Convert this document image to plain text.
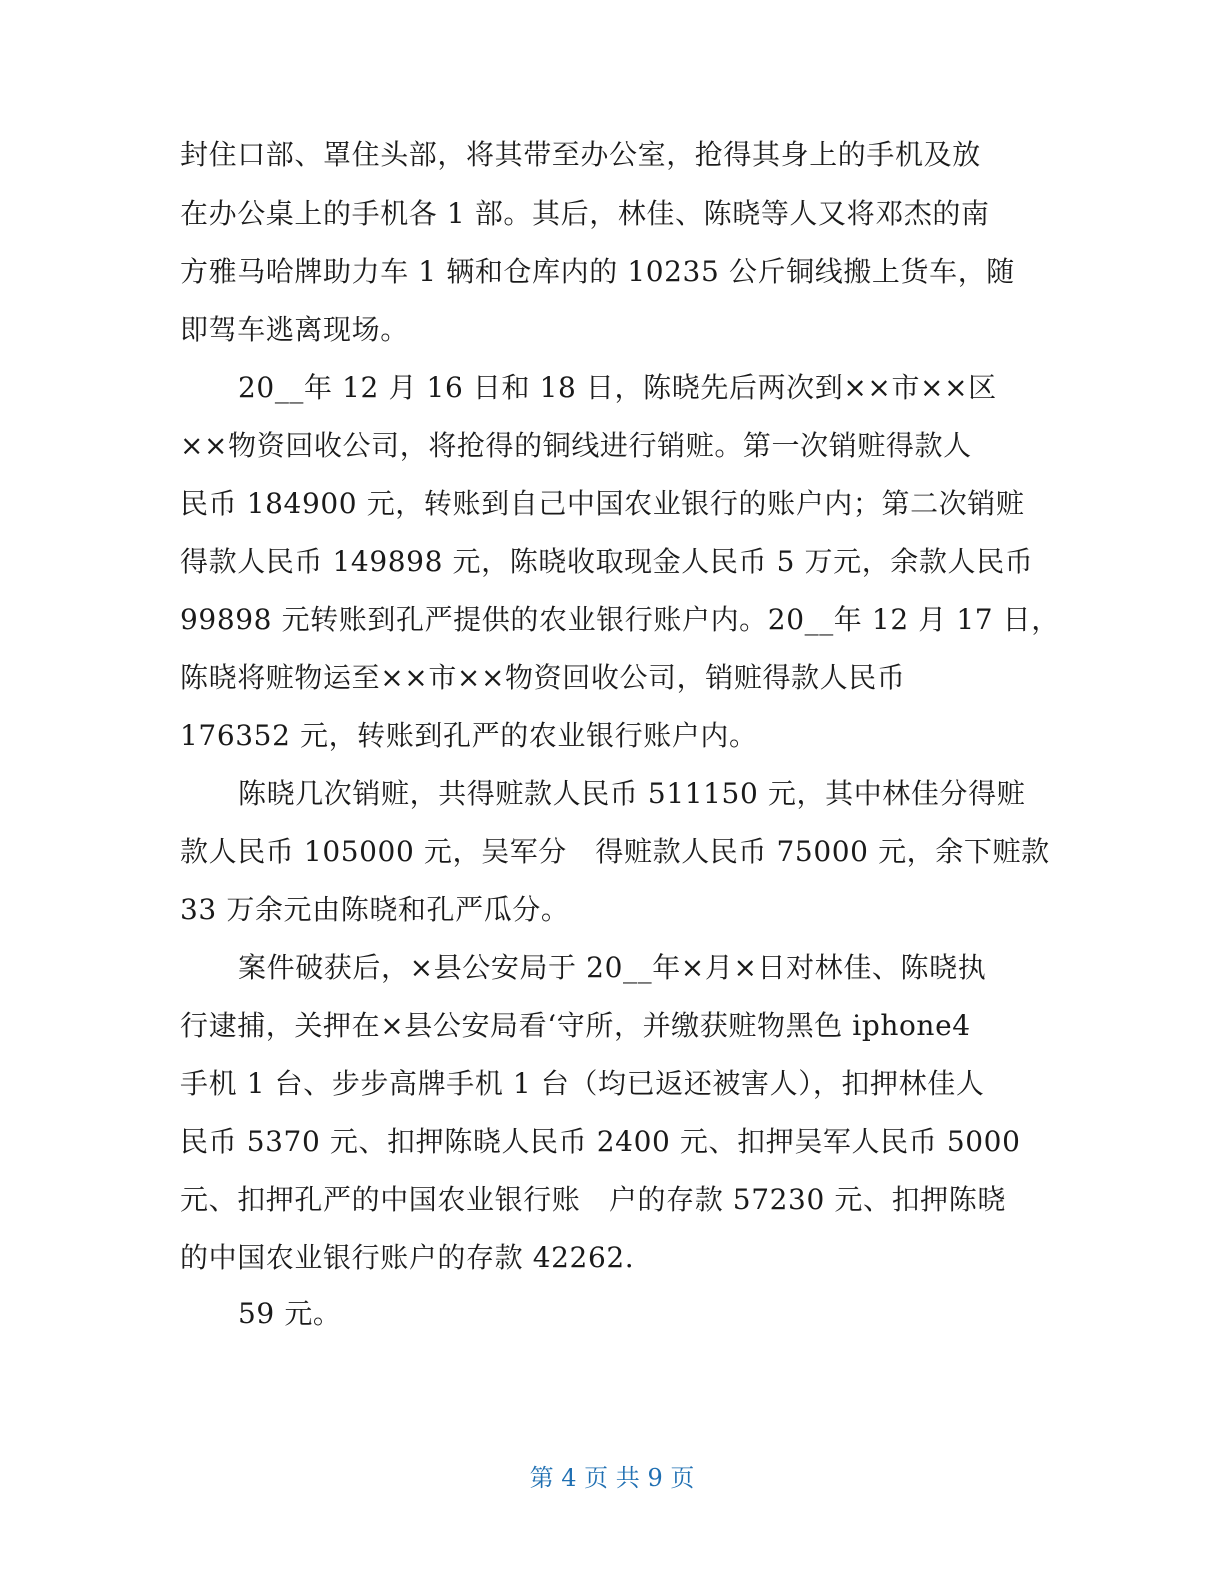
封住口部、罩住头部，将其带至办公室，抢得其身上的手机及放
在办公桌上的手机各 1 部。其后，林佳、陈晓等人又将邓杰的南
方雅马哈牌助力车 1 辆和仓库内的 10235 公斤铜线搬上货车，随
即驾车逃离现场。
20__年 12 月 16 日和 18 日，陈晓先后两次到××市××区
××物资回收公司，将抢得的铜线进行销赃。第一次销赃得款人
民币 184900 元，转账到自己中国农业银行的账户内；第二次销赃
得款人民币 149898 元，陈晓收取现金人民币 5 万元，余款人民币
99898 元转账到孔严提供的农业银行账户内。20__年 12 月 17 日，
陈晓将赃物运至××市××物资回收公司，销赃得款人民币
176352 元，转账到孔严的农业银行账户内。
陈晓几次销赃，共得赃款人民币 511150 元，其中林佳分得赃
款人民币 105000 元，吴军分   得赃款人民币 75000 元，余下赃款
33 万余元由陈晓和孔严瓜分。
案件破获后，×县公安局于 20__年×月×日对林佳、陈晓执
行逮捕，关押在×县公安局看‘守所，并缴获赃物黑色 iphone4
手机 1 台、步步高牌手机 1 台（均已返还被害人），扣押林佳人
民币 5370 元、扣押陈晓人民币 2400 元、扣押吴军人民币 5000
元、扣押孔严的中国农业银行账   户的存款 57230 元、扣押陈晓
的中国农业银行账户的存款 42262.
59 元。
第 4 页 共 9 页
